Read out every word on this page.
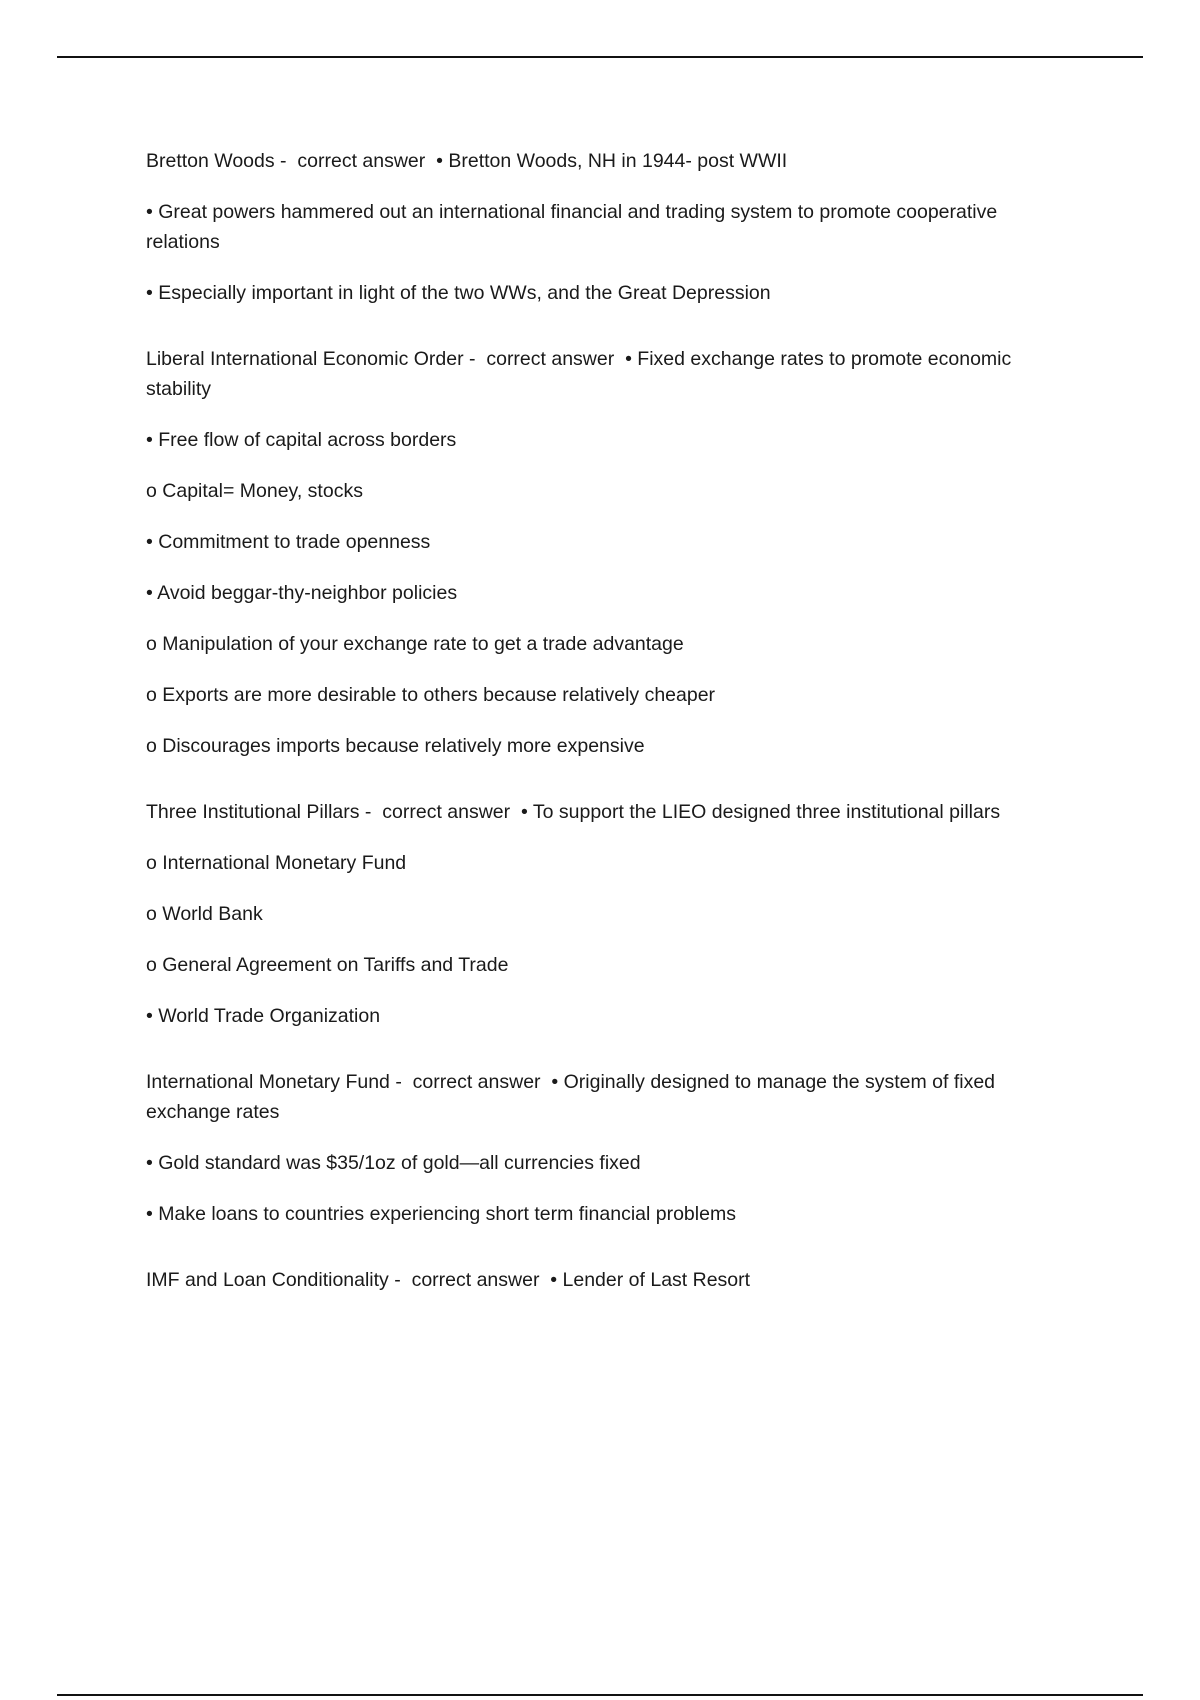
Bretton Woods -  correct answer • Bretton Woods, NH in 1944- post WWII

• Great powers hammered out an international financial and trading system to promote cooperative relations

• Especially important in light of the two WWs, and the Great Depression

Liberal International Economic Order -  correct answer • Fixed exchange rates to promote economic stability

• Free flow of capital across borders

o Capital= Money, stocks

• Commitment to trade openness

• Avoid beggar-thy-neighbor policies

o Manipulation of your exchange rate to get a trade advantage

o Exports are more desirable to others because relatively cheaper

o Discourages imports because relatively more expensive

Three Institutional Pillars -  correct answer • To support the LIEO designed three institutional pillars

o International Monetary Fund

o World Bank

o General Agreement on Tariffs and Trade

• World Trade Organization

International Monetary Fund -  correct answer • Originally designed to manage the system of fixed exchange rates

• Gold standard was $35/1oz of gold—all currencies fixed

• Make loans to countries experiencing short term financial problems

IMF and Loan Conditionality -  correct answer • Lender of Last Resort
